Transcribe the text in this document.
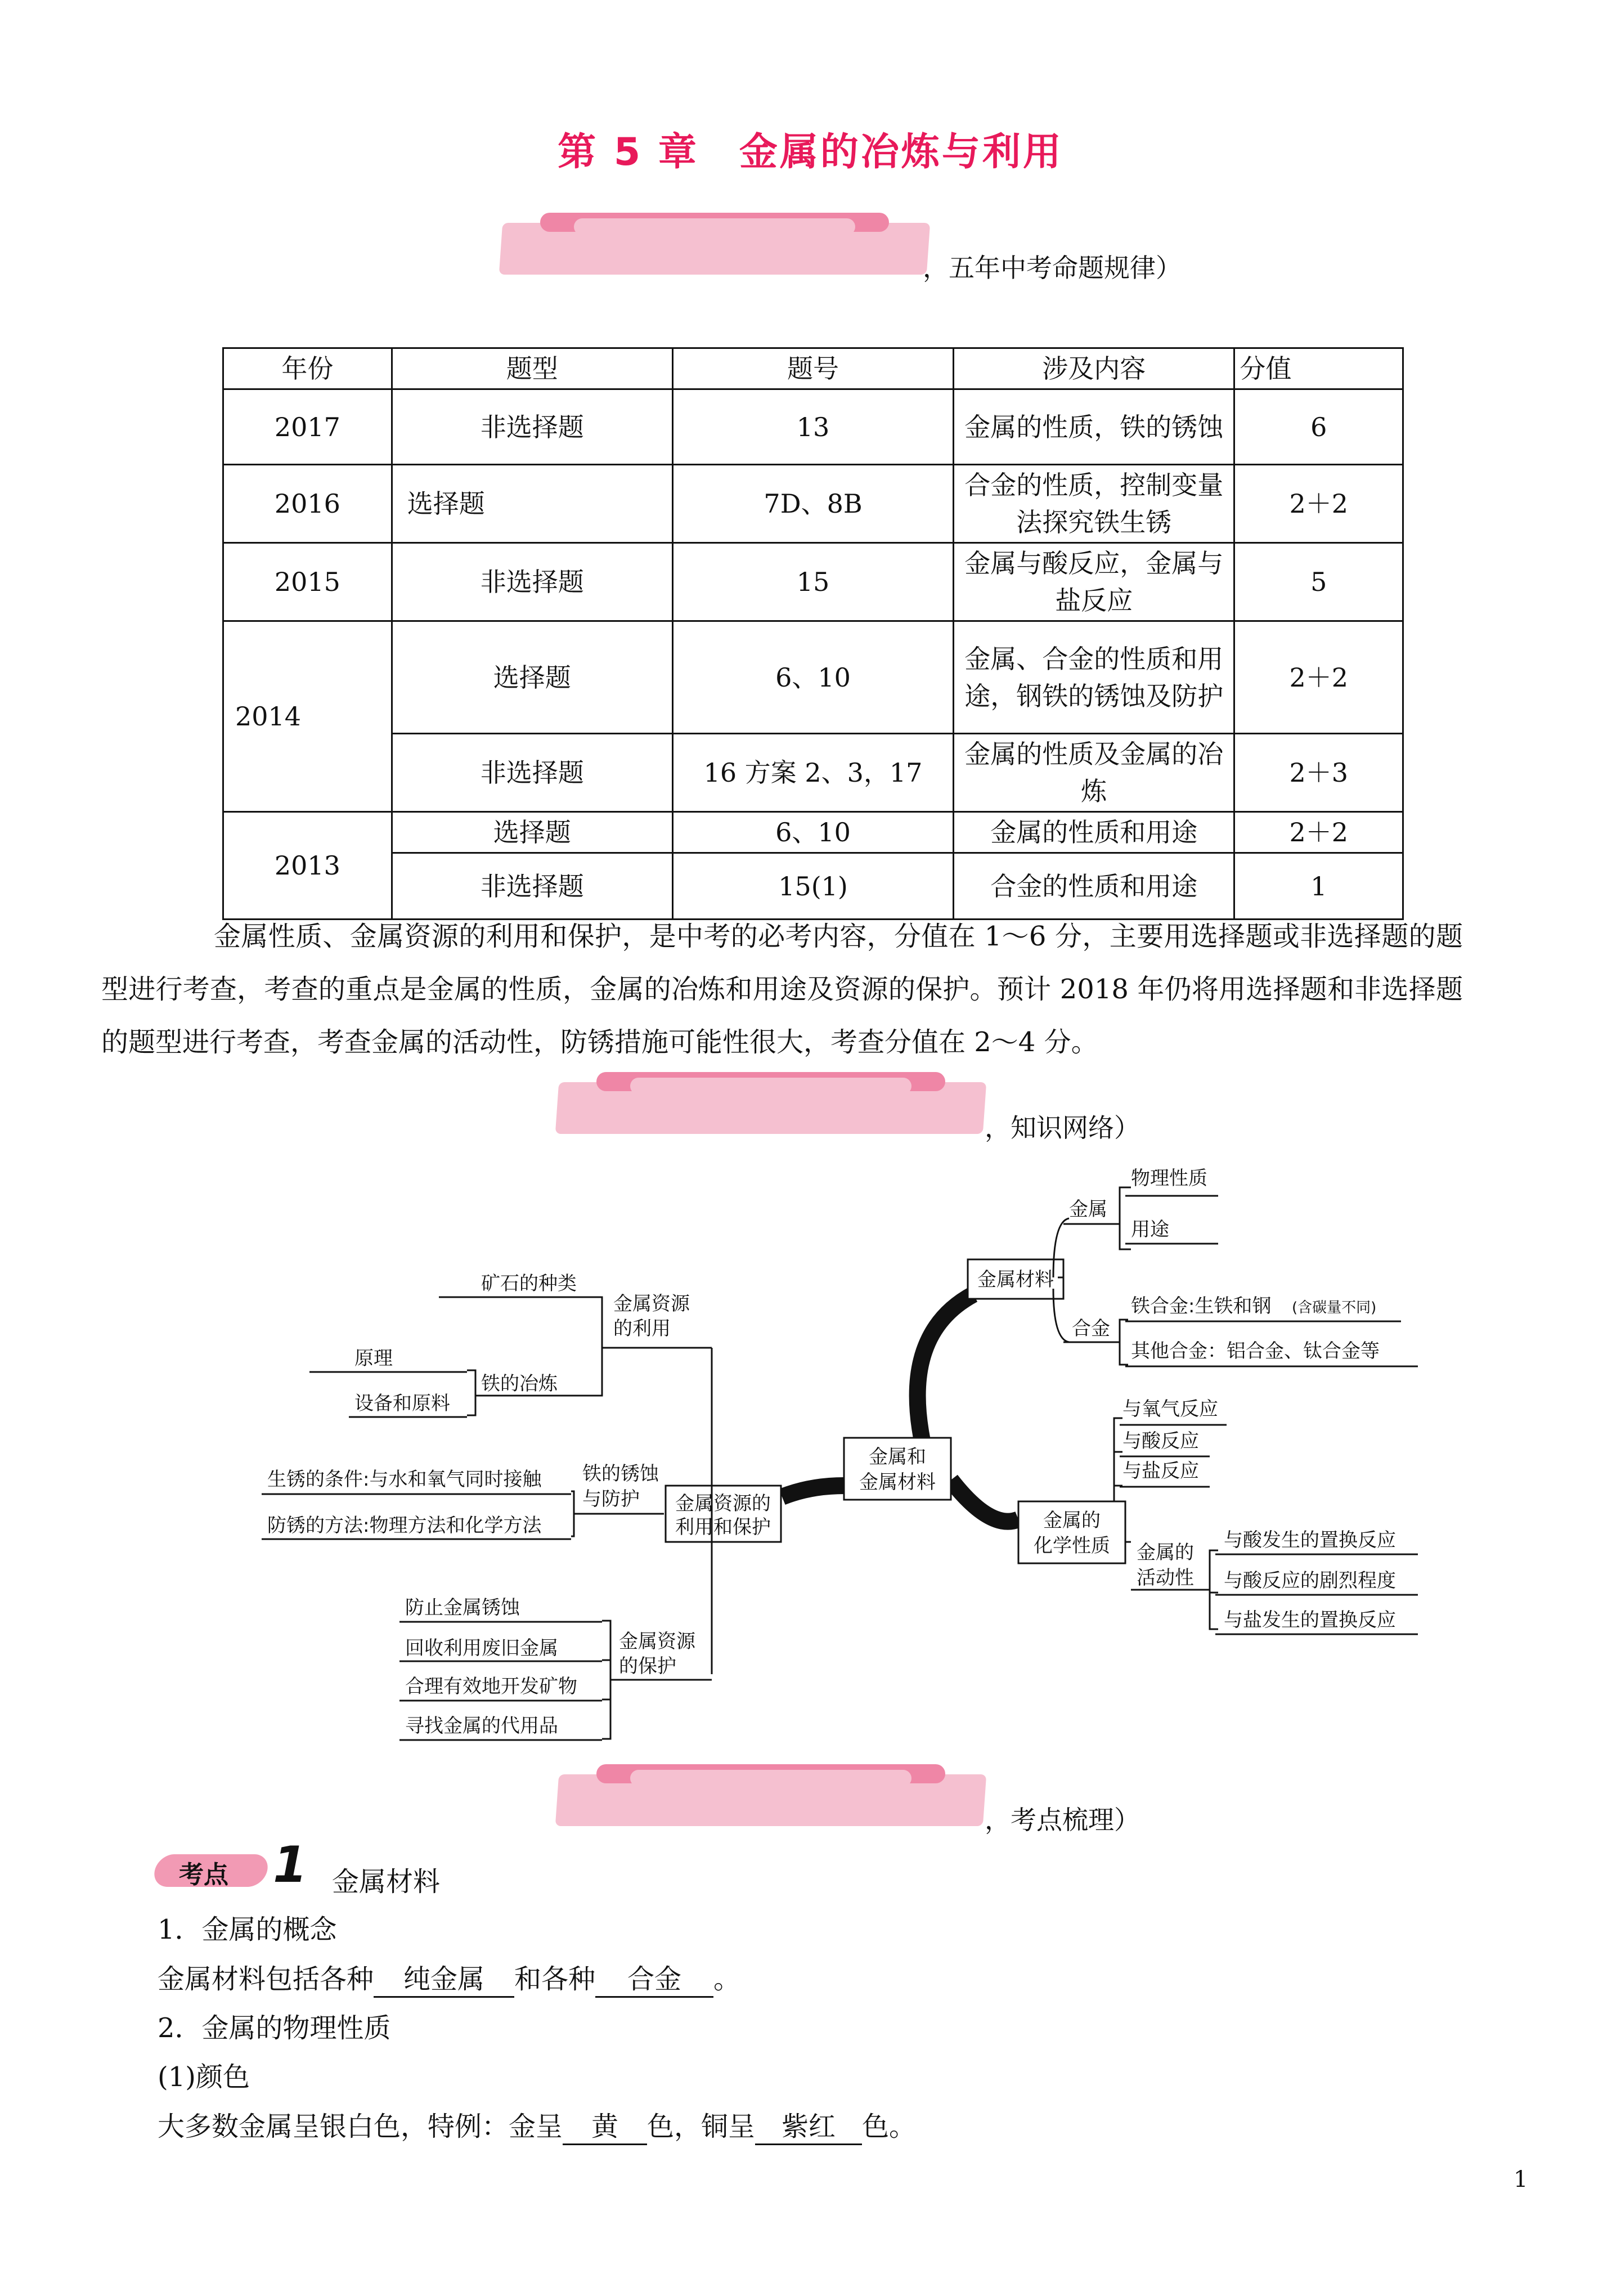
第 5 章　金属的冶炼与利用
，五年中考命题规律）
年份	题型	题号	涉及内容	分值
2017	非选择题	13	金属的性质，铁的锈蚀	6
2016	选择题	7D、8B	合金的性质，控制变量法探究铁生锈	2＋2
2015	非选择题	15	金属与酸反应，金属与盐反应	5
2014	选择题	6、10	金属、合金的性质和用途，钢铁的锈蚀及防护	2＋2
	非选择题	16 方案 2、3，17	金属的性质及金属的冶炼	2＋3
2013	选择题	6、10	金属的性质和用途	2＋2
	非选择题	15(1)	合金的性质和用途	1
金属性质、金属资源的利用和保护，是中考的必考内容，分值在 1～6 分，主要用选择题或非选择题的题型进行考查，考查的重点是金属的性质，金属的冶炼和用途及资源的保护。预计 2018 年仍将用选择题和非选择题的题型进行考查，考查金属的活动性，防锈措施可能性很大，考查分值在 2～4 分。
，知识网络）
金属和
金属材料
金属材料
金属
物理性质
用途
合金
铁合金:生铁和钢 (含碳量不同)
其他合金：铝合金、钛合金等
金属的
化学性质
与氧气反应
与酸反应
与盐反应
金属的
活动性
与酸发生的置换反应
与酸反应的剧烈程度
与盐发生的置换反应
金属资源的
利用和保护
金属资源
的利用
矿石的种类
铁的冶炼
原理
设备和原料
铁的锈蚀
与防护
生锈的条件:与水和氧气同时接触
防锈的方法:物理方法和化学方法
金属资源
的保护
防止金属锈蚀
回收利用废旧金属
合理有效地开发矿物
寻找金属的代用品
，考点梳理）
考点 1 金属材料
1．金属的概念
金属材料包括各种 纯金属 和各种 合金 。
2．金属的物理性质
(1)颜色
大多数金属呈银白色，特例：金呈 黄 色，铜呈 紫红 色。
1
